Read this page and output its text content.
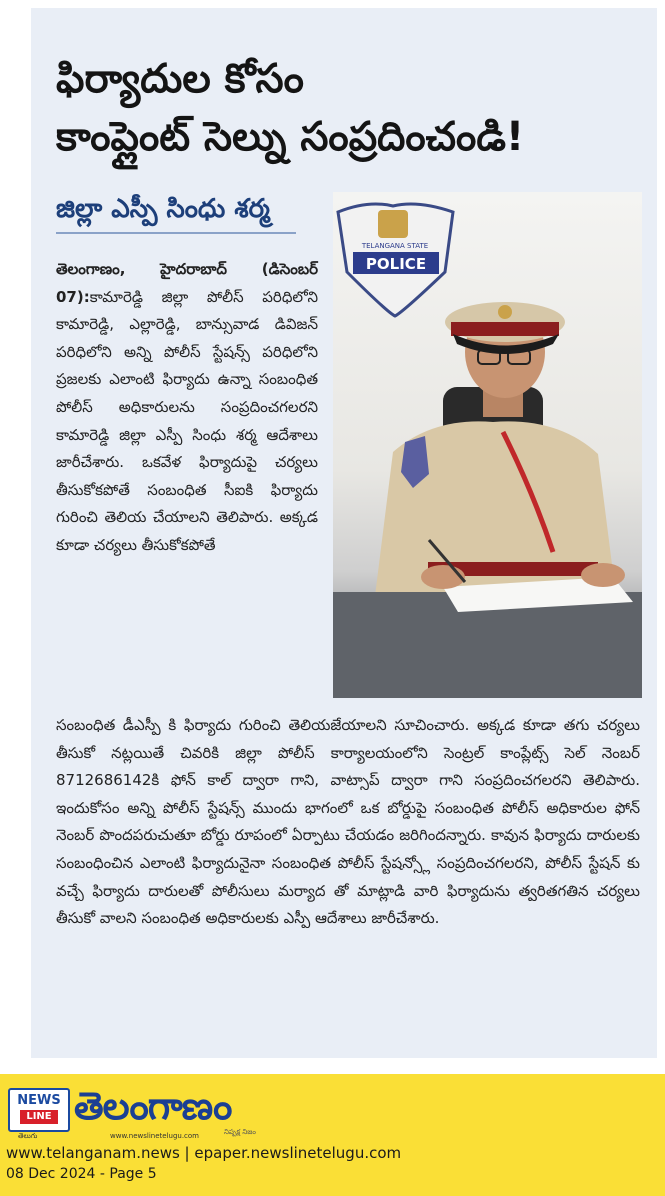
ఫిర్యాదుల కోసం
కాంప్లైంట్ సెల్ను సంప్రదించండి!
జిల్లా ఎస్పీ సింధు శర్మ
TELANGANA STATE
POLICE

తెలంగాణం, హైదరాబాద్ (డిసెంబర్ 07):కామారెడ్డి జిల్లా పోలీస్ పరిధిలోని కామారెడ్డి, ఎల్లారెడ్డి, బాన్సువాడ డివిజన్ పరిధిలోని అన్ని పోలీస్ స్టేషన్స్ పరిధిలోని ప్రజలకు ఎలాంటి ఫిర్యాదు ఉన్నా సంబంధిత పోలీస్ అధికారులను సంప్రదించగలరని కామారెడ్డి జిల్లా ఎస్పీ సింధు శర్మ ఆదేశాలు జారీచేశారు. ఒకవేళ ఫిర్యాదుపై చర్యలు తీసుకోకపోతే సంబంధిత సీఐకి ఫిర్యాదు గురించి తెలియ చేయాలని తెలిపారు. అక్కడ కూడా చర్యలు తీసుకోకపోతే

సంబంధిత డీఎస్పీ కి ఫిర్యాదు గురించి తెలియజేయాలని సూచించారు. అక్కడ కూడా తగు చర్యలు తీసుకో నట్లయితే చివరికి జిల్లా పోలీస్ కార్యాలయంలోని సెంట్రల్ కాంప్లేట్స్ సెల్ నెంబర్ 8712686142కి ఫోన్ కాల్ ద్వారా గాని, వాట్సాప్ ద్వారా గాని సంప్రదించగలరని తెలిపారు. ఇందుకోసం అన్ని పోలీస్ స్టేషన్స్ ముందు భాగంలో ఒక బోర్డుపై సంబంధిత పోలీస్ అధికారుల ఫోన్ నెంబర్ పొందపరుచుతూ బోర్డు రూపంలో ఏర్పాటు చేయడం జరిగిందన్నారు. కావున ఫిర్యాదు దారులకు సంబంధించిన ఎలాంటి ఫిర్యాదునైనా సంబంధిత పోలీస్ స్టేషన్స్లో సంప్రదించగలరని, పోలీస్ స్టేషన్ కు వచ్చే ఫిర్యాదు దారులతో పోలీసులు మర్యాద తో మాట్లాడి వారి ఫిర్యాదును త్వరితగతిన చర్యలు తీసుకో వాలని సంబంధిత అధికారులకు ఎస్పీ ఆదేశాలు జారీచేశారు.

NEWS
LINE
తెలుగు
తెలంగాణం
www.newslinetelugu.com	నిష్పక్ష నిజం
www.telanganam.news | epaper.newslinetelugu.com
08 Dec 2024 - Page 5
